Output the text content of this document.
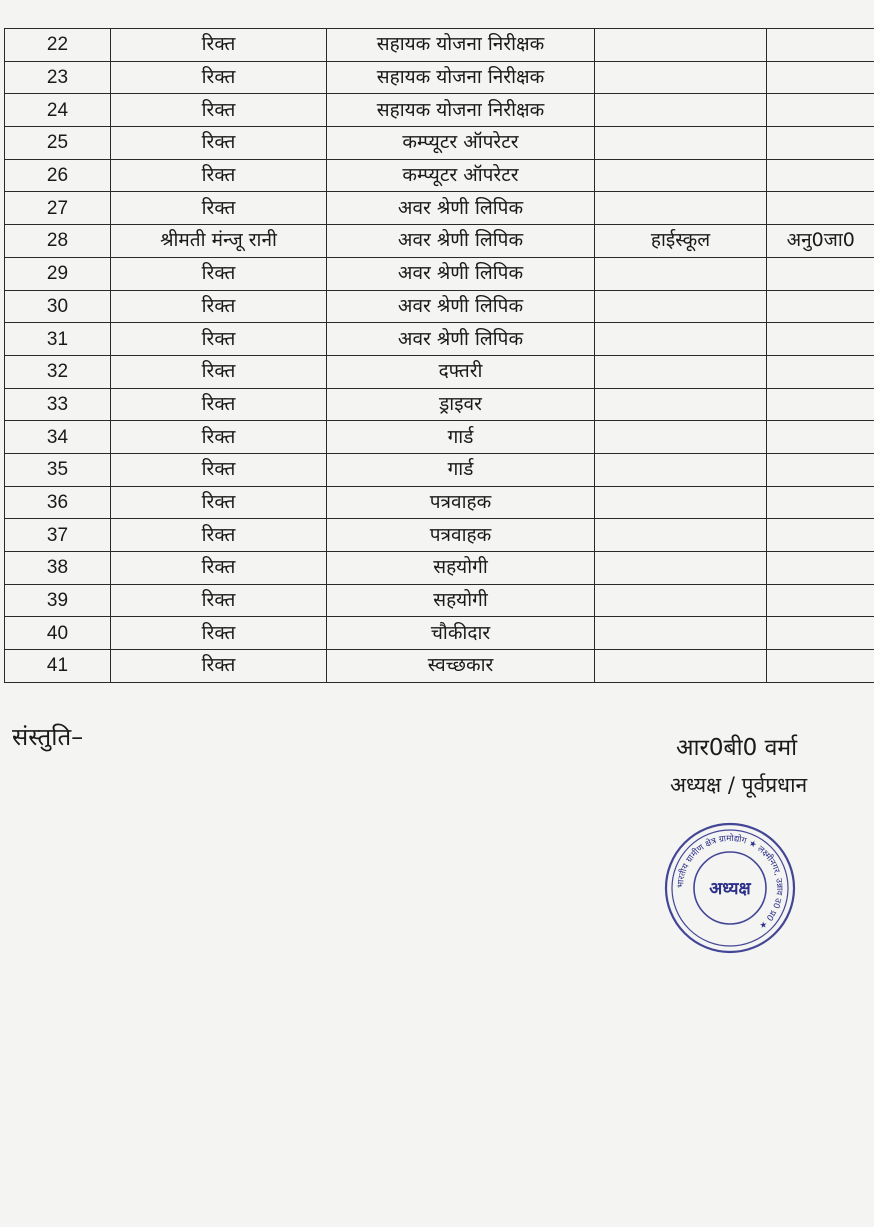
22	रिक्त	सहायक योजना निरीक्षक		
23	रिक्त	सहायक योजना निरीक्षक		
24	रिक्त	सहायक योजना निरीक्षक		
25	रिक्त	कम्प्यूटर ऑपरेटर		
26	रिक्त	कम्प्यूटर ऑपरेटर		
27	रिक्त	अवर श्रेणी लिपिक		
28	श्रीमती मंन्जू रानी	अवर श्रेणी लिपिक	हाईस्कूल	अनु0जा0
29	रिक्त	अवर श्रेणी लिपिक		
30	रिक्त	अवर श्रेणी लिपिक		
31	रिक्त	अवर श्रेणी लिपिक		
32	रिक्त	दफ्तरी		
33	रिक्त	ड्राइवर		
34	रिक्त	गार्ड		
35	रिक्त	गार्ड		
36	रिक्त	पत्रवाहक		
37	रिक्त	पत्रवाहक		
38	रिक्त	सहयोगी		
39	रिक्त	सहयोगी		
40	रिक्त	चौकीदार		
41	रिक्त	स्वच्छकार		
संस्तुति–	आर0बी0 वर्मा
अध्यक्ष / पूर्वप्रधान
भारतीय ग्रामीण क्षेत्र ग्रामोद्योग ★ लक्ष्मीनगर, उन्नाव उ0 प्र0 ★
अध्यक्ष
